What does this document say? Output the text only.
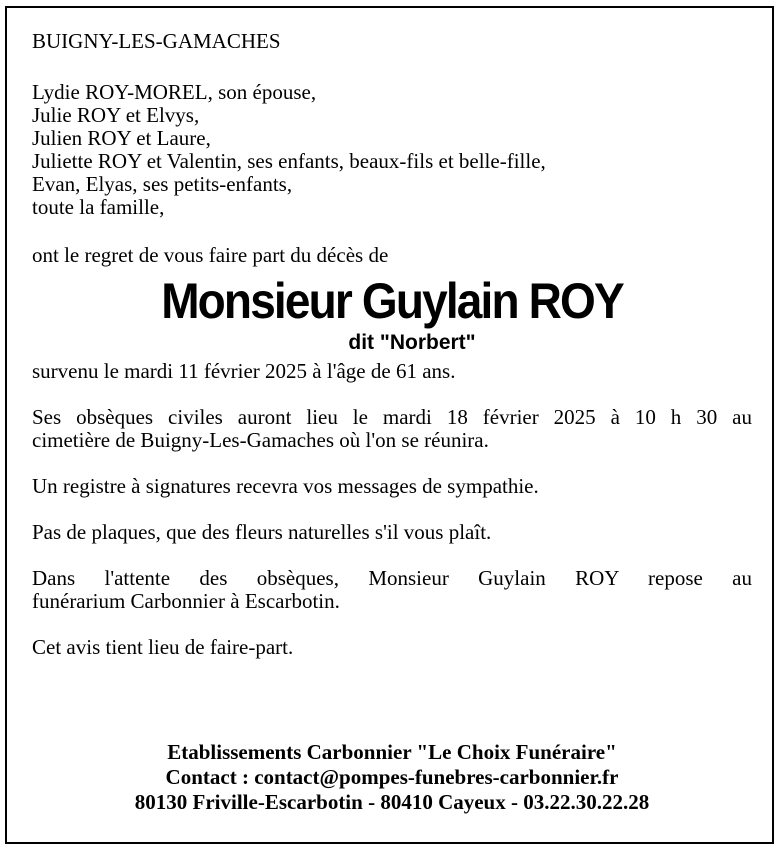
BUIGNY-LES-GAMACHES
Lydie ROY-MOREL, son épouse,
Julie ROY et Elvys,
Julien ROY et Laure,
Juliette ROY et Valentin, ses enfants, beaux-fils et belle-fille,
Evan, Elyas, ses petits-enfants,
toute la famille,
ont le regret de vous faire part du décès de
Monsieur Guylain ROY
dit "Norbert"
survenu le mardi 11 février 2025 à l'âge de 61 ans.
Ses obsèques civiles auront lieu le mardi 18 février 2025 à 10 h 30 au
cimetière de Buigny-Les-Gamaches où l'on se réunira.
Un registre à signatures recevra vos messages de sympathie.
Pas de plaques, que des fleurs naturelles s'il vous plaît.
Dans l'attente des obsèques, Monsieur Guylain ROY repose au
funérarium Carbonnier à Escarbotin.
Cet avis tient lieu de faire-part.
Etablissements Carbonnier "Le Choix Funéraire"
Contact : contact@pompes-funebres-carbonnier.fr
80130 Friville-Escarbotin - 80410 Cayeux - 03.22.30.22.28
